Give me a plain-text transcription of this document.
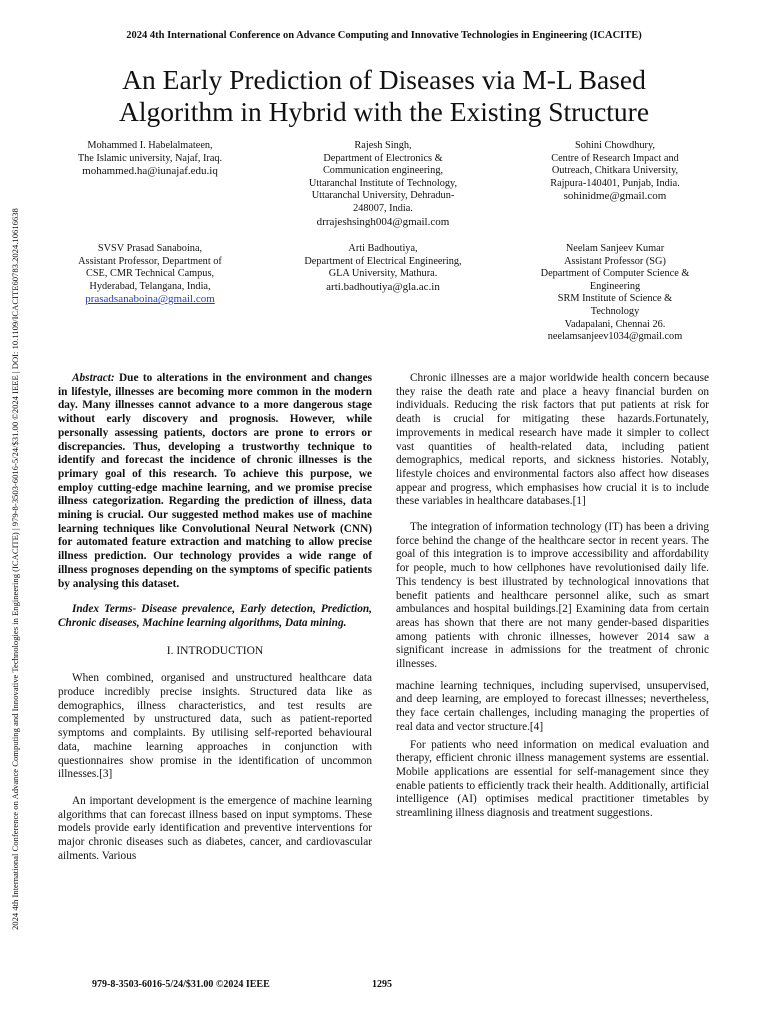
2024 4th International Conference on Advance Computing and Innovative Technologies in Engineering (ICACITE)
2024 4th International Conference on Advance Computing and Innovative Technologies in Engineering (ICACITE) | 979-8-3503-6016-5/24/$31.00 ©2024 IEEE | DOI: 10.1109/ICACITE60783.2024.10616638
An Early Prediction of Diseases via M-L Based
Algorithm in Hybrid with the Existing Structure
Mohammed I. Habelalmateen,
The Islamic university, Najaf, Iraq.
mohammed.ha@iunajaf.edu.iq
Rajesh Singh,
Department of Electronics &
Communication engineering,
Uttaranchal Institute of Technology,
Uttaranchal University, Dehradun-
248007, India.
drrajeshsingh004@gmail.com
Sohini Chowdhury,
Centre of Research Impact and
Outreach, Chitkara University,
Rajpura-140401, Punjab, India.
sohinidme@gmail.com
SVSV Prasad Sanaboina,
Assistant Professor, Department of
CSE, CMR Technical Campus,
Hyderabad, Telangana, India,
prasadsanaboina@gmail.com
Arti Badhoutiya,
Department of Electrical Engineering,
GLA University, Mathura.
arti.badhoutiya@gla.ac.in
Neelam Sanjeev Kumar
Assistant Professor (SG)
Department of Computer Science &
Engineering
SRM Institute of Science &
Technology
Vadapalani, Chennai 26.
neelamsanjeev1034@gmail.com

Abstract: Due to alterations in the environment and changes in lifestyle, illnesses are becoming more common in the modern day. Many illnesses cannot advance to a more dangerous stage without early discovery and prognosis. However, while personally assessing patients, doctors are prone to errors or discrepancies. Thus, developing a trustworthy technique to identify and forecast the incidence of chronic illnesses is the primary goal of this research. To achieve this purpose, we employ cutting-edge machine learning, and we promise precise illness categorization. Regarding the prediction of illness, data mining is crucial. Our suggested method makes use of machine learning techniques like Convolutional Neural Network (CNN) for automated feature extraction and matching to allow precise illness prediction. Our technology provides a wide range of illness prognoses depending on the symptoms of specific patients by analysing this dataset.

Index Terms- Disease prevalence, Early detection, Prediction, Chronic diseases, Machine learning algorithms, Data mining.

I. INTRODUCTION

When combined, organised and unstructured healthcare data produce incredibly precise insights. Structured data like as demographics, illness characteristics, and test results are complemented by unstructured data, such as patient-reported symptoms and complaints. By utilising self-reported behavioural data, machine learning approaches in conjunction with questionnaires show promise in the identification of uncommon illnesses.[3]

An important development is the emergence of machine learning algorithms that can forecast illness based on input symptoms. These models provide early identification and preventive interventions for major chronic diseases such as diabetes, cancer, and cardiovascular ailments. Various

Chronic illnesses are a major worldwide health concern because they raise the death rate and place a heavy financial burden on individuals. Reducing the risk factors that put patients at risk for death is crucial for mitigating these hazards.Fortunately, improvements in medical research have made it simpler to collect vast quantities of health-related data, including patient demographics, medical reports, and sickness histories. Notably, lifestyle choices and environmental factors also affect how diseases appear and progress, which emphasises how crucial it is to include these variables in healthcare databases.[1]

The integration of information technology (IT) has been a driving force behind the change of the healthcare sector in recent years. The goal of this integration is to improve accessibility and affordability for people, much to how cellphones have revolutionised daily life. This tendency is best illustrated by technological innovations that benefit patients and healthcare personnel alike, such as smart ambulances and hospital buildings.[2] Examining data from certain areas has shown that there are not many gender-based disparities among patients with chronic illnesses, however 2014 saw a significant increase in admissions for the treatment of chronic illnesses.

machine learning techniques, including supervised, unsupervised, and deep learning, are employed to forecast illnesses; nevertheless, they face certain challenges, including managing the properties of real data and vector structure.[4]

For patients who need information on medical evaluation and therapy, efficient chronic illness management systems are essential. Mobile applications are essential for self-management since they enable patients to efficiently track their health. Additionally, artificial intelligence (AI) optimises medical practitioner timetables by streamlining illness diagnosis and treatment suggestions.

979-8-3503-6016-5/24/$31.00 ©2024 IEEE	1295
